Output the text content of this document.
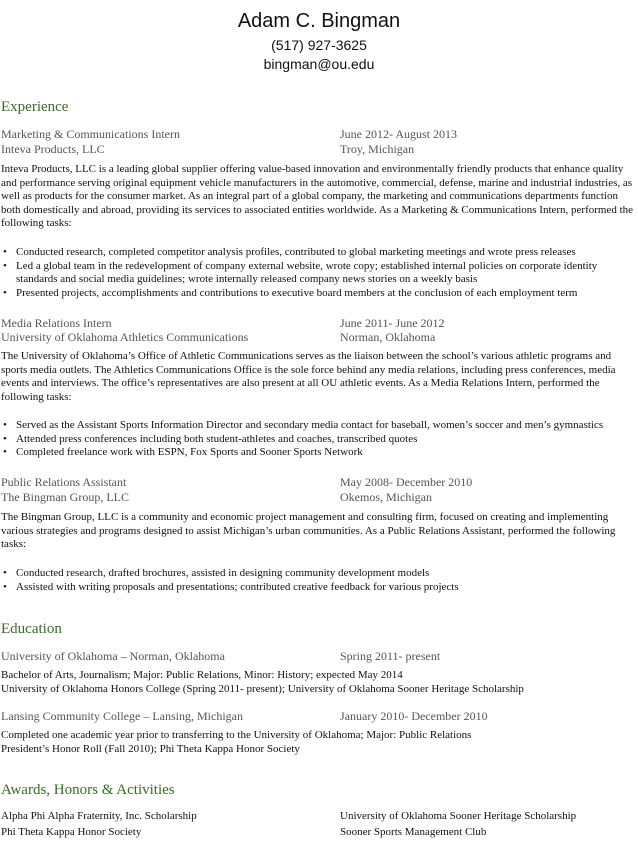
Adam C. Bingman
(517) 927-3625
bingman@ou.edu
Experience
Marketing & Communications Intern	June 2012- August 2013
Inteva Products, LLC	Troy, Michigan
Inteva Products, LLC is a leading global supplier offering value-based innovation and environmentally friendly products that enhance quality and performance serving original equipment vehicle manufacturers in the automotive, commercial, defense, marine and industrial industries, as well as products for the consumer market. As an integral part of a global company, the marketing and communications departments function both domestically and abroad, providing its services to associated entities worldwide. As a Marketing & Communications Intern, performed the following tasks:
• Conducted research, completed competitor analysis profiles, contributed to global marketing meetings and wrote press releases
• Led a global team in the redevelopment of company external website, wrote copy; established internal policies on corporate identity standards and social media guidelines; wrote internally released company news stories on a weekly basis
• Presented projects, accomplishments and contributions to executive board members at the conclusion of each employment term
Media Relations Intern	June 2011- June 2012
University of Oklahoma Athletics Communications	Norman, Oklahoma
The University of Oklahoma’s Office of Athletic Communications serves as the liaison between the school’s various athletic programs and sports media outlets. The Athletics Communications Office is the sole force behind any media relations, including press conferences, media events and interviews. The office’s representatives are also present at all OU athletic events. As a Media Relations Intern, performed the following tasks:
• Served as the Assistant Sports Information Director and secondary media contact for baseball, women’s soccer and men’s gymnastics
• Attended press conferences including both student-athletes and coaches, transcribed quotes
• Completed freelance work with ESPN, Fox Sports and Sooner Sports Network
Public Relations Assistant	May 2008- December 2010
The Bingman Group, LLC	Okemos, Michigan
The Bingman Group, LLC is a community and economic project management and consulting firm, focused on creating and implementing various strategies and programs designed to assist Michigan’s urban communities. As a Public Relations Assistant, performed the following tasks:
• Conducted research, drafted brochures, assisted in designing community development models
• Assisted with writing proposals and presentations; contributed creative feedback for various projects
Education
University of Oklahoma – Norman, Oklahoma	Spring 2011- present
Bachelor of Arts, Journalism; Major: Public Relations, Minor: History; expected May 2014
University of Oklahoma Honors College (Spring 2011- present); University of Oklahoma Sooner Heritage Scholarship
Lansing Community College – Lansing, Michigan	January 2010- December 2010
Completed one academic year prior to transferring to the University of Oklahoma; Major: Public Relations
President’s Honor Roll (Fall 2010); Phi Theta Kappa Honor Society
Awards, Honors & Activities
Alpha Phi Alpha Fraternity, Inc. Scholarship	University of Oklahoma Sooner Heritage Scholarship
Phi Theta Kappa Honor Society	Sooner Sports Management Club
